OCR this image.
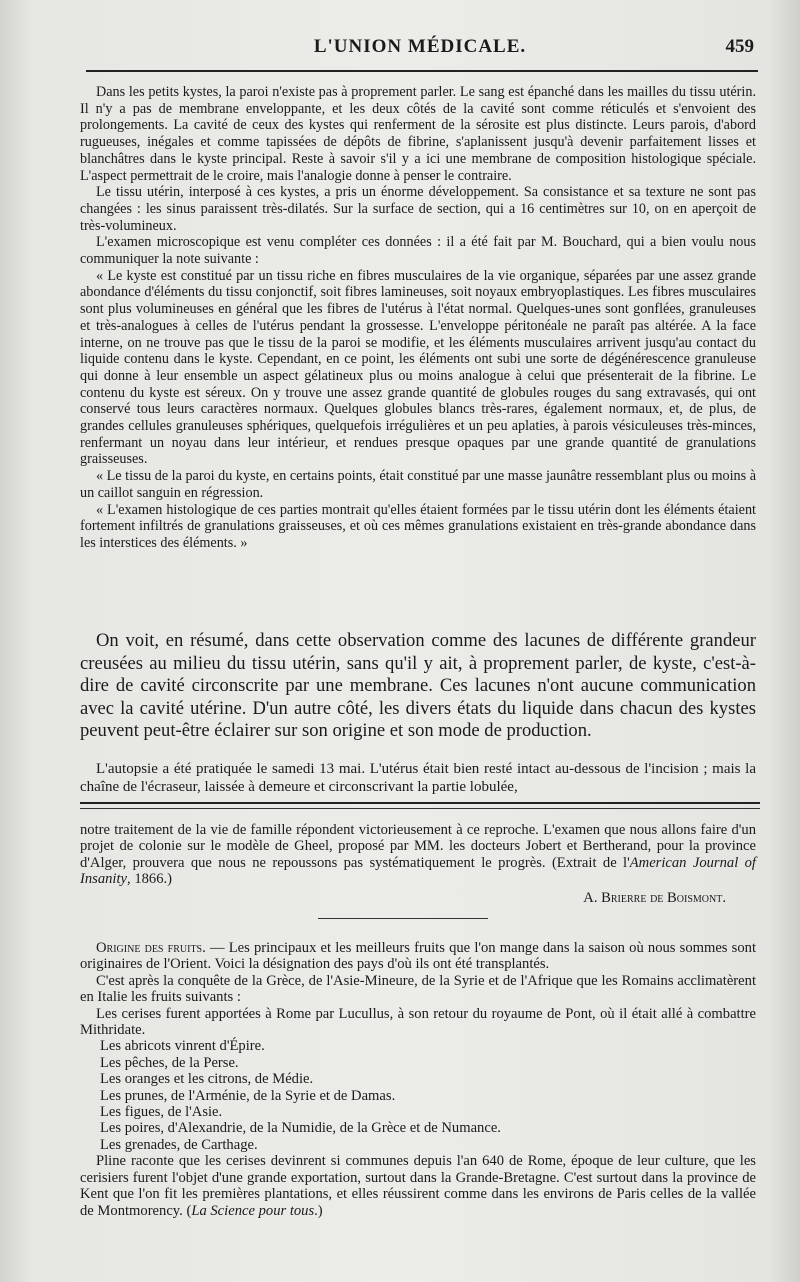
L'UNION MÉDICALE.	459

Dans les petits kystes, la paroi n'existe pas à proprement parler. Le sang est épanché dans les mailles du tissu utérin. Il n'y a pas de membrane enveloppante, et les deux côtés de la cavité sont comme réticulés et s'envoient des prolongements. La cavité de ceux des kystes qui renferment de la sérosite est plus distincte. Leurs parois, d'abord rugueuses, inégales et comme tapissées de dépôts de fibrine, s'aplanissent jusqu'à devenir parfaitement lisses et blanchâtres dans le kyste principal. Reste à savoir s'il y a ici une membrane de composition histologique spéciale. L'aspect permettrait de le croire, mais l'analogie donne à penser le contraire.

Le tissu utérin, interposé à ces kystes, a pris un énorme développement. Sa consistance et sa texture ne sont pas changées : les sinus paraissent très-dilatés. Sur la surface de section, qui a 16 centimètres sur 10, on en aperçoit de très-volumineux.

L'examen microscopique est venu compléter ces données : il a été fait par M. Bouchard, qui a bien voulu nous communiquer la note suivante :

« Le kyste est constitué par un tissu riche en fibres musculaires de la vie organique, séparées par une assez grande abondance d'éléments du tissu conjonctif, soit fibres lamineuses, soit noyaux embryoplastiques. Les fibres musculaires sont plus volumineuses en général que les fibres de l'utérus à l'état normal. Quelques-unes sont gonflées, granuleuses et très-analogues à celles de l'utérus pendant la grossesse. L'enveloppe péritonéale ne paraît pas altérée. A la face interne, on ne trouve pas que le tissu de la paroi se modifie, et les éléments musculaires arrivent jusqu'au contact du liquide contenu dans le kyste. Cependant, en ce point, les éléments ont subi une sorte de dégénérescence granuleuse qui donne à leur ensemble un aspect gélatineux plus ou moins analogue à celui que présenterait de la fibrine. Le contenu du kyste est séreux. On y trouve une assez grande quantité de globules rouges du sang extravasés, qui ont conservé tous leurs caractères normaux. Quelques globules blancs très-rares, également normaux, et, de plus, de grandes cellules granuleuses sphériques, quelquefois irrégulières et un peu aplaties, à parois vésiculeuses très-minces, renfermant un noyau dans leur intérieur, et rendues presque opaques par une grande quantité de granulations graisseuses.

« Le tissu de la paroi du kyste, en certains points, était constitué par une masse jaunâtre ressemblant plus ou moins à un caillot sanguin en régression.

« L'examen histologique de ces parties montrait qu'elles étaient formées par le tissu utérin dont les éléments étaient fortement infiltrés de granulations graisseuses, et où ces mêmes granulations existaient en très-grande abondance dans les interstices des éléments. »

On voit, en résumé, dans cette observation comme des lacunes de différente grandeur creusées au milieu du tissu utérin, sans qu'il y ait, à proprement parler, de kyste, c'est-à-dire de cavité circonscrite par une membrane. Ces lacunes n'ont aucune communication avec la cavité utérine. D'un autre côté, les divers états du liquide dans chacun des kystes peuvent peut-être éclairer sur son origine et son mode de production.

L'autopsie a été pratiquée le samedi 13 mai. L'utérus était bien resté intact au-dessous de l'incision ; mais la chaîne de l'écraseur, laissée à demeure et circonscrivant la partie lobulée,

notre traitement de la vie de famille répondent victorieusement à ce reproche. L'examen que nous allons faire d'un projet de colonie sur le modèle de Gheel, proposé par MM. les docteurs Jobert et Bertherand, pour la province d'Alger, prouvera que nous ne repoussons pas systématiquement le progrès. (Extrait de l'American Journal of Insanity, 1866.)

A. Brierre de Boismont.

Origine des fruits. — Les principaux et les meilleurs fruits que l'on mange dans la saison où nous sommes sont originaires de l'Orient. Voici la désignation des pays d'où ils ont été transplantés.

C'est après la conquête de la Grèce, de l'Asie-Mineure, de la Syrie et de l'Afrique que les Romains acclimatèrent en Italie les fruits suivants :

Les cerises furent apportées à Rome par Lucullus, à son retour du royaume de Pont, où il était allé à combattre Mithridate.

Les abricots vinrent d'Épire.

Les pêches, de la Perse.

Les oranges et les citrons, de Médie.

Les prunes, de l'Arménie, de la Syrie et de Damas.

Les figues, de l'Asie.

Les poires, d'Alexandrie, de la Numidie, de la Grèce et de Numance.

Les grenades, de Carthage.

Pline raconte que les cerises devinrent si communes depuis l'an 640 de Rome, époque de leur culture, que les cerisiers furent l'objet d'une grande exportation, surtout dans la Grande-Bretagne. C'est surtout dans la province de Kent que l'on fit les premières plantations, et elles réussirent comme dans les environs de Paris celles de la vallée de Montmorency. (La Science pour tous.)
